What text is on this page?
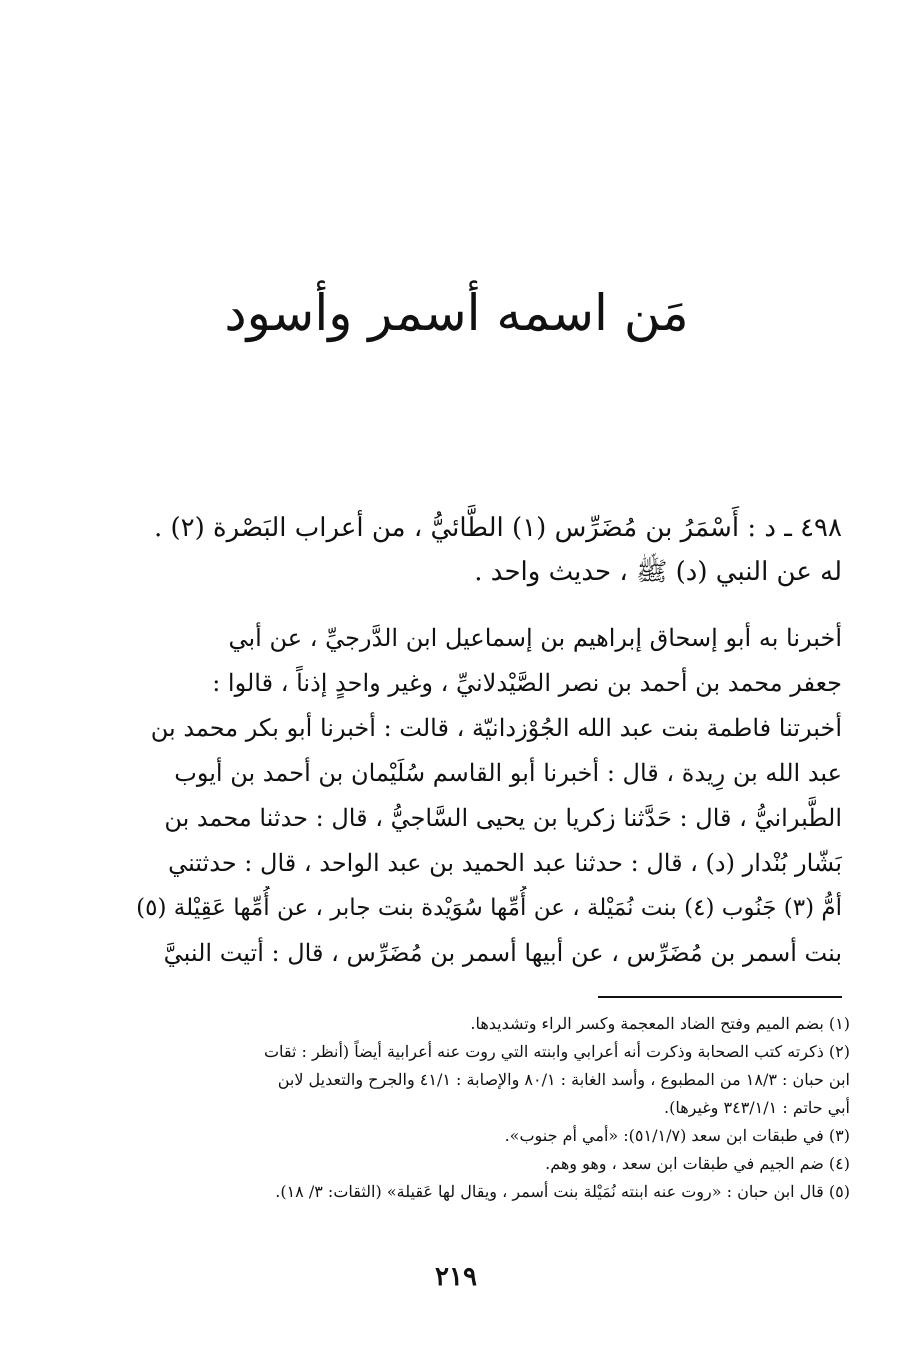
مَن اسمه أسمر وأسود
٤٩٨ ـ د : أَسْمَرُ بن مُضَرِّس (١) الطَّائيُّ ، من أعراب البَصْرة (٢) .
له عن النبي (د) ﷺ ، حديث واحد .
أخبرنا به أبو إسحاق إبراهيم بن إسماعيل ابن الدَّرجيِّ ، عن أبي
جعفر محمد بن أحمد بن نصر الصَّيْدلانيِّ ، وغير واحدٍ إذناً ، قالوا :
أخبرتنا فاطمة بنت عبد الله الجُوْزدانيّة ، قالت : أخبرنا أبو بكر محمد بن
عبد الله بن رِيدة ، قال : أخبرنا أبو القاسم سُلَيْمان بن أحمد بن أيوب
الطَّبرانيُّ ، قال : حَدَّثنا زكريا بن يحيى السَّاجيُّ ، قال : حدثنا محمد بن
بَشّار بُنْدار (د) ، قال : حدثنا عبد الحميد بن عبد الواحد ، قال : حدثتني
أمُّ (٣) جَنُوب (٤) بنت نُمَيْلة ، عن أُمِّها سُوَيْدة بنت جابر ، عن أُمِّها عَقِيْلة (٥)
بنت أسمر بن مُضَرِّس ، عن أبيها أسمر بن مُضَرِّس ، قال : أتيت النبيَّ
(١) بضم الميم وفتح الضاد المعجمة وكسر الراء وتشديدها.
(٢) ذكرته كتب الصحابة وذكرت أنه أعرابي وابنته التي روت عنه أعرابية أيضاً (أنظر : ثقات
ابن حبان : ١٨/٣ من المطبوع ، وأسد الغابة : ٨٠/١ والإصابة : ٤١/١ والجرح والتعديل لابن
أبي حاتم : ٣٤٣/١/١ وغيرها).
(٣) في طبقات ابن سعد (٥١/١/٧): «أمي أم جنوب».
(٤) ضم الجيم في طبقات ابن سعد ، وهو وهم.
(٥) قال ابن حبان : «روت عنه ابنته نُمَيْلة بنت أسمر ، ويقال لها عَقيلة» (الثقات: ٣/ ١٨).
٢١٩
